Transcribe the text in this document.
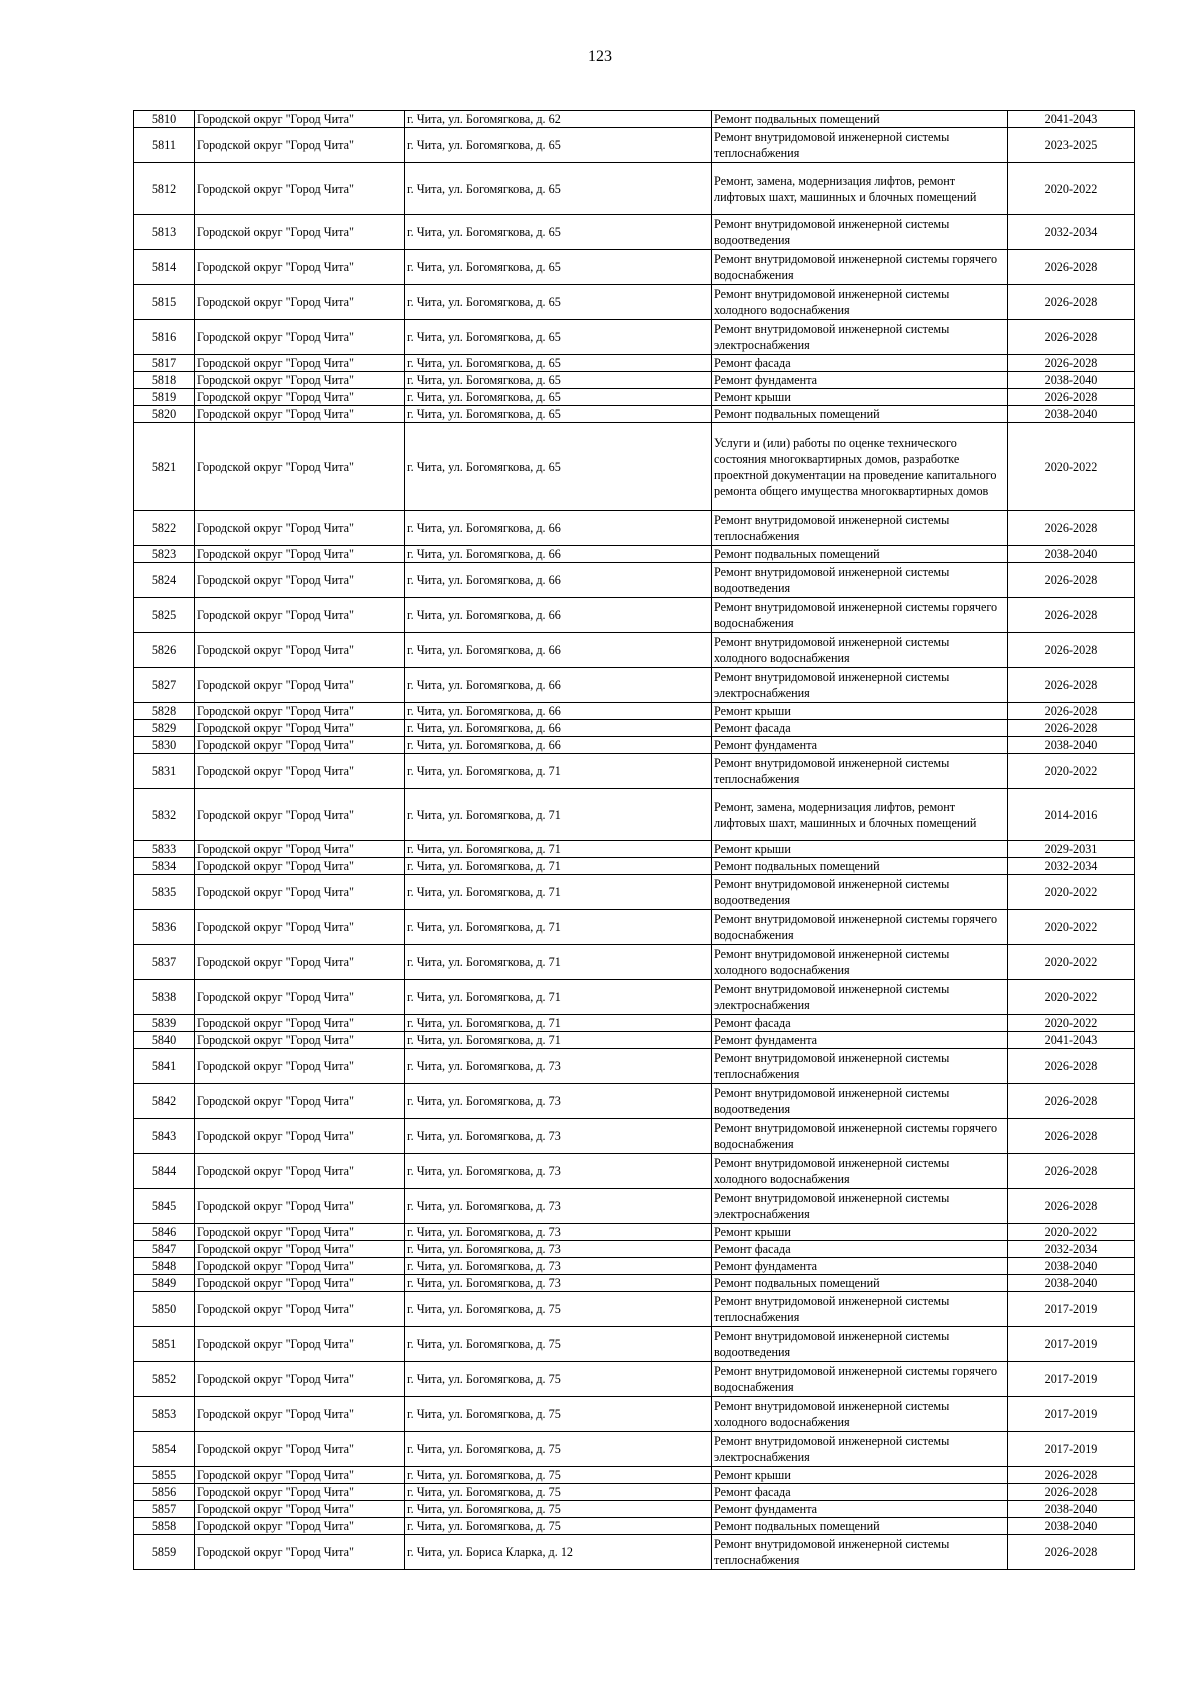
123
5810	Городской округ "Город Чита"	г. Чита, ул. Богомягкова, д. 62	Ремонт подвальных помещений	2041-2043
5811	Городской округ "Город Чита"	г. Чита, ул. Богомягкова, д. 65	Ремонт внутридомовой инженерной системы теплоснабжения	2023-2025
5812	Городской округ "Город Чита"	г. Чита, ул. Богомягкова, д. 65	Ремонт, замена, модернизация лифтов, ремонт лифтовых шахт, машинных и блочных помещений	2020-2022
5813	Городской округ "Город Чита"	г. Чита, ул. Богомягкова, д. 65	Ремонт внутридомовой инженерной системы водоотведения	2032-2034
5814	Городской округ "Город Чита"	г. Чита, ул. Богомягкова, д. 65	Ремонт внутридомовой инженерной системы горячего водоснабжения	2026-2028
5815	Городской округ "Город Чита"	г. Чита, ул. Богомягкова, д. 65	Ремонт внутридомовой инженерной системы холодного водоснабжения	2026-2028
5816	Городской округ "Город Чита"	г. Чита, ул. Богомягкова, д. 65	Ремонт внутридомовой инженерной системы электроснабжения	2026-2028
5817	Городской округ "Город Чита"	г. Чита, ул. Богомягкова, д. 65	Ремонт фасада	2026-2028
5818	Городской округ "Город Чита"	г. Чита, ул. Богомягкова, д. 65	Ремонт фундамента	2038-2040
5819	Городской округ "Город Чита"	г. Чита, ул. Богомягкова, д. 65	Ремонт крыши	2026-2028
5820	Городской округ "Город Чита"	г. Чита, ул. Богомягкова, д. 65	Ремонт подвальных помещений	2038-2040
5821	Городской округ "Город Чита"	г. Чита, ул. Богомягкова, д. 65	Услуги и (или) работы по оценке технического состояния многоквартирных домов, разработке проектной документации на проведение капитального ремонта общего имущества многоквартирных домов	2020-2022
5822	Городской округ "Город Чита"	г. Чита, ул. Богомягкова, д. 66	Ремонт внутридомовой инженерной системы теплоснабжения	2026-2028
5823	Городской округ "Город Чита"	г. Чита, ул. Богомягкова, д. 66	Ремонт подвальных помещений	2038-2040
5824	Городской округ "Город Чита"	г. Чита, ул. Богомягкова, д. 66	Ремонт внутридомовой инженерной системы водоотведения	2026-2028
5825	Городской округ "Город Чита"	г. Чита, ул. Богомягкова, д. 66	Ремонт внутридомовой инженерной системы горячего водоснабжения	2026-2028
5826	Городской округ "Город Чита"	г. Чита, ул. Богомягкова, д. 66	Ремонт внутридомовой инженерной системы холодного водоснабжения	2026-2028
5827	Городской округ "Город Чита"	г. Чита, ул. Богомягкова, д. 66	Ремонт внутридомовой инженерной системы электроснабжения	2026-2028
5828	Городской округ "Город Чита"	г. Чита, ул. Богомягкова, д. 66	Ремонт крыши	2026-2028
5829	Городской округ "Город Чита"	г. Чита, ул. Богомягкова, д. 66	Ремонт фасада	2026-2028
5830	Городской округ "Город Чита"	г. Чита, ул. Богомягкова, д. 66	Ремонт фундамента	2038-2040
5831	Городской округ "Город Чита"	г. Чита, ул. Богомягкова, д. 71	Ремонт внутридомовой инженерной системы теплоснабжения	2020-2022
5832	Городской округ "Город Чита"	г. Чита, ул. Богомягкова, д. 71	Ремонт, замена, модернизация лифтов, ремонт лифтовых шахт, машинных и блочных помещений	2014-2016
5833	Городской округ "Город Чита"	г. Чита, ул. Богомягкова, д. 71	Ремонт крыши	2029-2031
5834	Городской округ "Город Чита"	г. Чита, ул. Богомягкова, д. 71	Ремонт подвальных помещений	2032-2034
5835	Городской округ "Город Чита"	г. Чита, ул. Богомягкова, д. 71	Ремонт внутридомовой инженерной системы водоотведения	2020-2022
5836	Городской округ "Город Чита"	г. Чита, ул. Богомягкова, д. 71	Ремонт внутридомовой инженерной системы горячего водоснабжения	2020-2022
5837	Городской округ "Город Чита"	г. Чита, ул. Богомягкова, д. 71	Ремонт внутридомовой инженерной системы холодного водоснабжения	2020-2022
5838	Городской округ "Город Чита"	г. Чита, ул. Богомягкова, д. 71	Ремонт внутридомовой инженерной системы электроснабжения	2020-2022
5839	Городской округ "Город Чита"	г. Чита, ул. Богомягкова, д. 71	Ремонт фасада	2020-2022
5840	Городской округ "Город Чита"	г. Чита, ул. Богомягкова, д. 71	Ремонт фундамента	2041-2043
5841	Городской округ "Город Чита"	г. Чита, ул. Богомягкова, д. 73	Ремонт внутридомовой инженерной системы теплоснабжения	2026-2028
5842	Городской округ "Город Чита"	г. Чита, ул. Богомягкова, д. 73	Ремонт внутридомовой инженерной системы водоотведения	2026-2028
5843	Городской округ "Город Чита"	г. Чита, ул. Богомягкова, д. 73	Ремонт внутридомовой инженерной системы горячего водоснабжения	2026-2028
5844	Городской округ "Город Чита"	г. Чита, ул. Богомягкова, д. 73	Ремонт внутридомовой инженерной системы холодного водоснабжения	2026-2028
5845	Городской округ "Город Чита"	г. Чита, ул. Богомягкова, д. 73	Ремонт внутридомовой инженерной системы электроснабжения	2026-2028
5846	Городской округ "Город Чита"	г. Чита, ул. Богомягкова, д. 73	Ремонт крыши	2020-2022
5847	Городской округ "Город Чита"	г. Чита, ул. Богомягкова, д. 73	Ремонт фасада	2032-2034
5848	Городской округ "Город Чита"	г. Чита, ул. Богомягкова, д. 73	Ремонт фундамента	2038-2040
5849	Городской округ "Город Чита"	г. Чита, ул. Богомягкова, д. 73	Ремонт подвальных помещений	2038-2040
5850	Городской округ "Город Чита"	г. Чита, ул. Богомягкова, д. 75	Ремонт внутридомовой инженерной системы теплоснабжения	2017-2019
5851	Городской округ "Город Чита"	г. Чита, ул. Богомягкова, д. 75	Ремонт внутридомовой инженерной системы водоотведения	2017-2019
5852	Городской округ "Город Чита"	г. Чита, ул. Богомягкова, д. 75	Ремонт внутридомовой инженерной системы горячего водоснабжения	2017-2019
5853	Городской округ "Город Чита"	г. Чита, ул. Богомягкова, д. 75	Ремонт внутридомовой инженерной системы холодного водоснабжения	2017-2019
5854	Городской округ "Город Чита"	г. Чита, ул. Богомягкова, д. 75	Ремонт внутридомовой инженерной системы электроснабжения	2017-2019
5855	Городской округ "Город Чита"	г. Чита, ул. Богомягкова, д. 75	Ремонт крыши	2026-2028
5856	Городской округ "Город Чита"	г. Чита, ул. Богомягкова, д. 75	Ремонт фасада	2026-2028
5857	Городской округ "Город Чита"	г. Чита, ул. Богомягкова, д. 75	Ремонт фундамента	2038-2040
5858	Городской округ "Город Чита"	г. Чита, ул. Богомягкова, д. 75	Ремонт подвальных помещений	2038-2040
5859	Городской округ "Город Чита"	г. Чита, ул. Бориса Кларка, д. 12	Ремонт внутридомовой инженерной системы теплоснабжения	2026-2028
